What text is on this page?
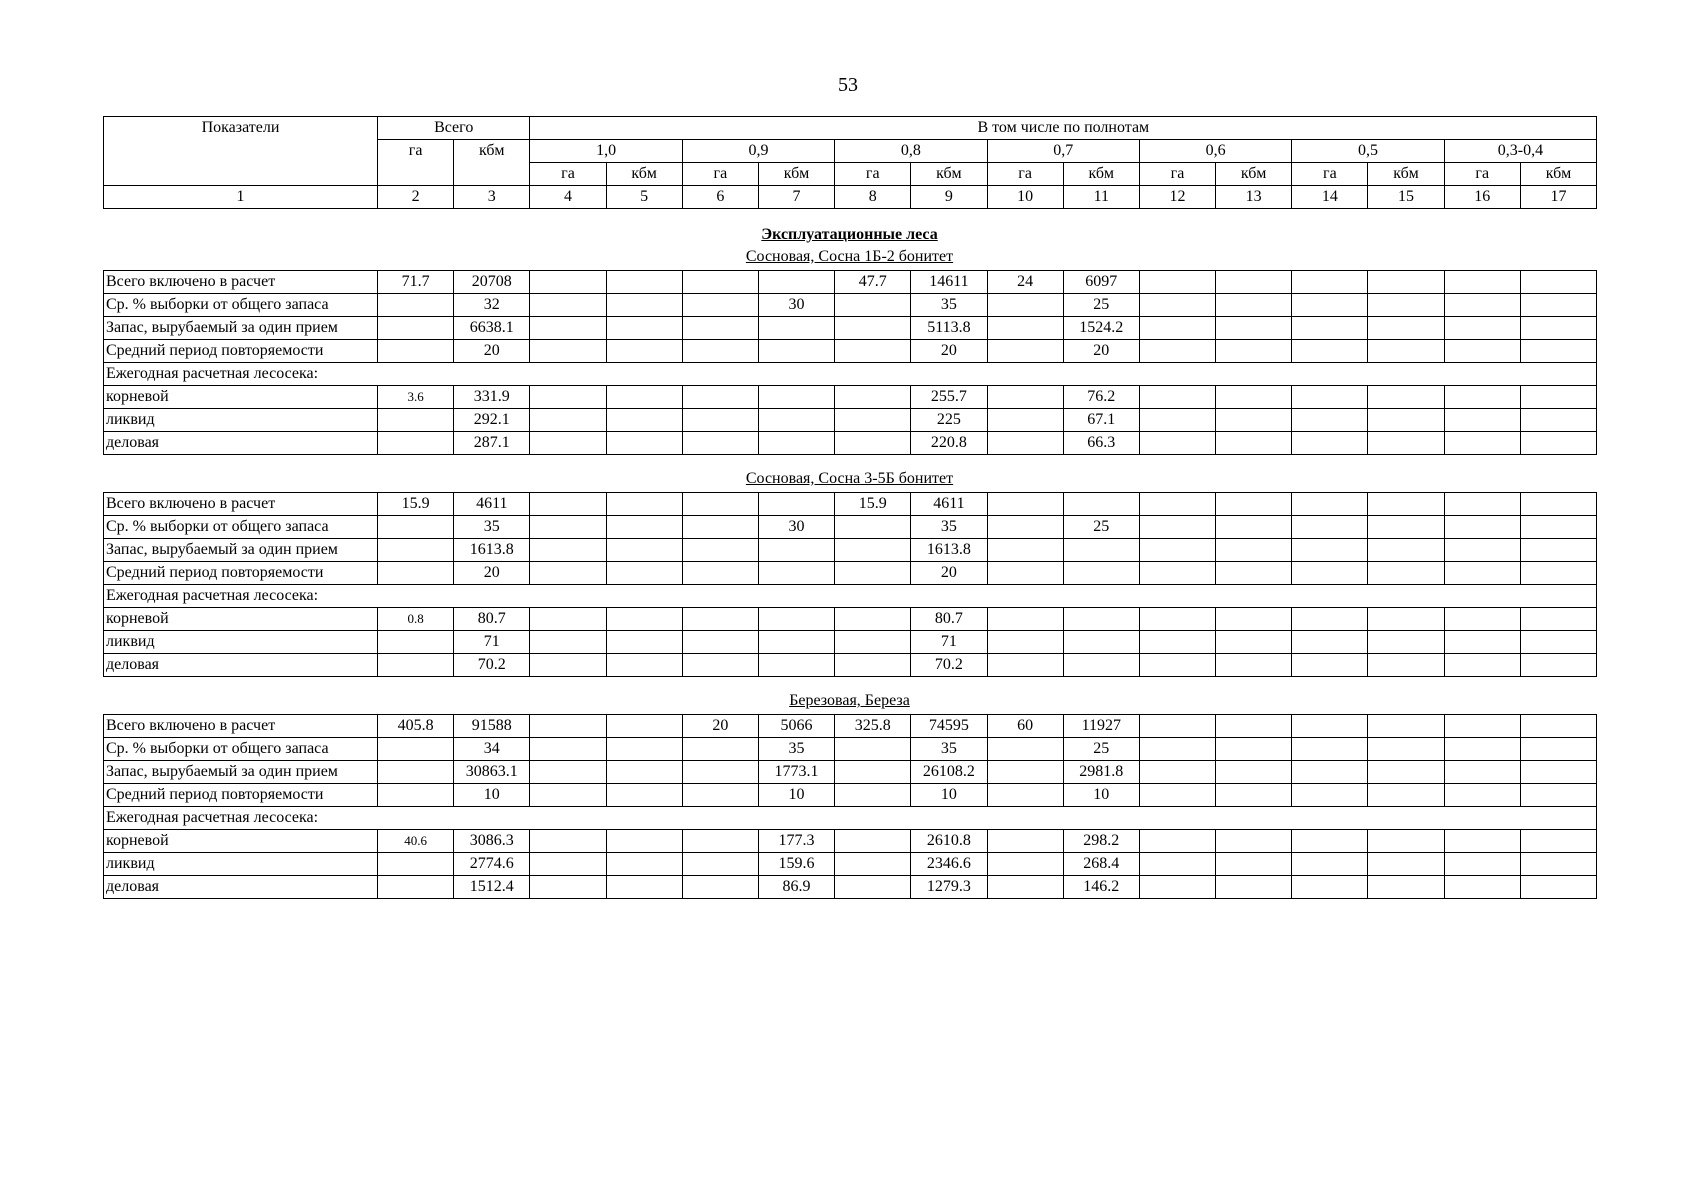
53
Показатели	Всего		В том числе по полнотам													
	га	кбм	1,0		0,9		0,8		0,7		0,6		0,5		0,3-0,4	
			га	кбм	га	кбм	га	кбм	га	кбм	га	кбм	га	кбм	га	кбм
1	2	3	4	5	6	7	8	9	10	11	12	13	14	15	16	17
Эксплуатационные леса
Сосновая, Сосна 1Б-2 бонитет
Всего включено в расчет	71.7	20708					47.7	14611	24	6097						
Ср. % выборки от общего запаса		32				30		35		25						
Запас, вырубаемый за один прием		6638.1						5113.8		1524.2						
Средний период повторяемости		20						20		20						
Ежегодная расчетная лесосека:																
корневой	3.6	331.9						255.7		76.2						
ликвид		292.1						225		67.1						
деловая		287.1						220.8		66.3						
Сосновая, Сосна 3-5Б бонитет
Всего включено в расчет	15.9	4611					15.9	4611								
Ср. % выборки от общего запаса		35				30		35		25						
Запас, вырубаемый за один прием		1613.8						1613.8								
Средний период повторяемости		20						20								
Ежегодная расчетная лесосека:																
корневой	0.8	80.7						80.7								
ликвид		71						71								
деловая		70.2						70.2								
Березовая, Береза
Всего включено в расчет	405.8	91588			20	5066	325.8	74595	60	11927						
Ср. % выборки от общего запаса		34				35		35		25						
Запас, вырубаемый за один прием		30863.1				1773.1		26108.2		2981.8						
Средний период повторяемости		10				10		10		10						
Ежегодная расчетная лесосека:																
корневой	40.6	3086.3				177.3		2610.8		298.2						
ликвид		2774.6				159.6		2346.6		268.4						
деловая		1512.4				86.9		1279.3		146.2						
